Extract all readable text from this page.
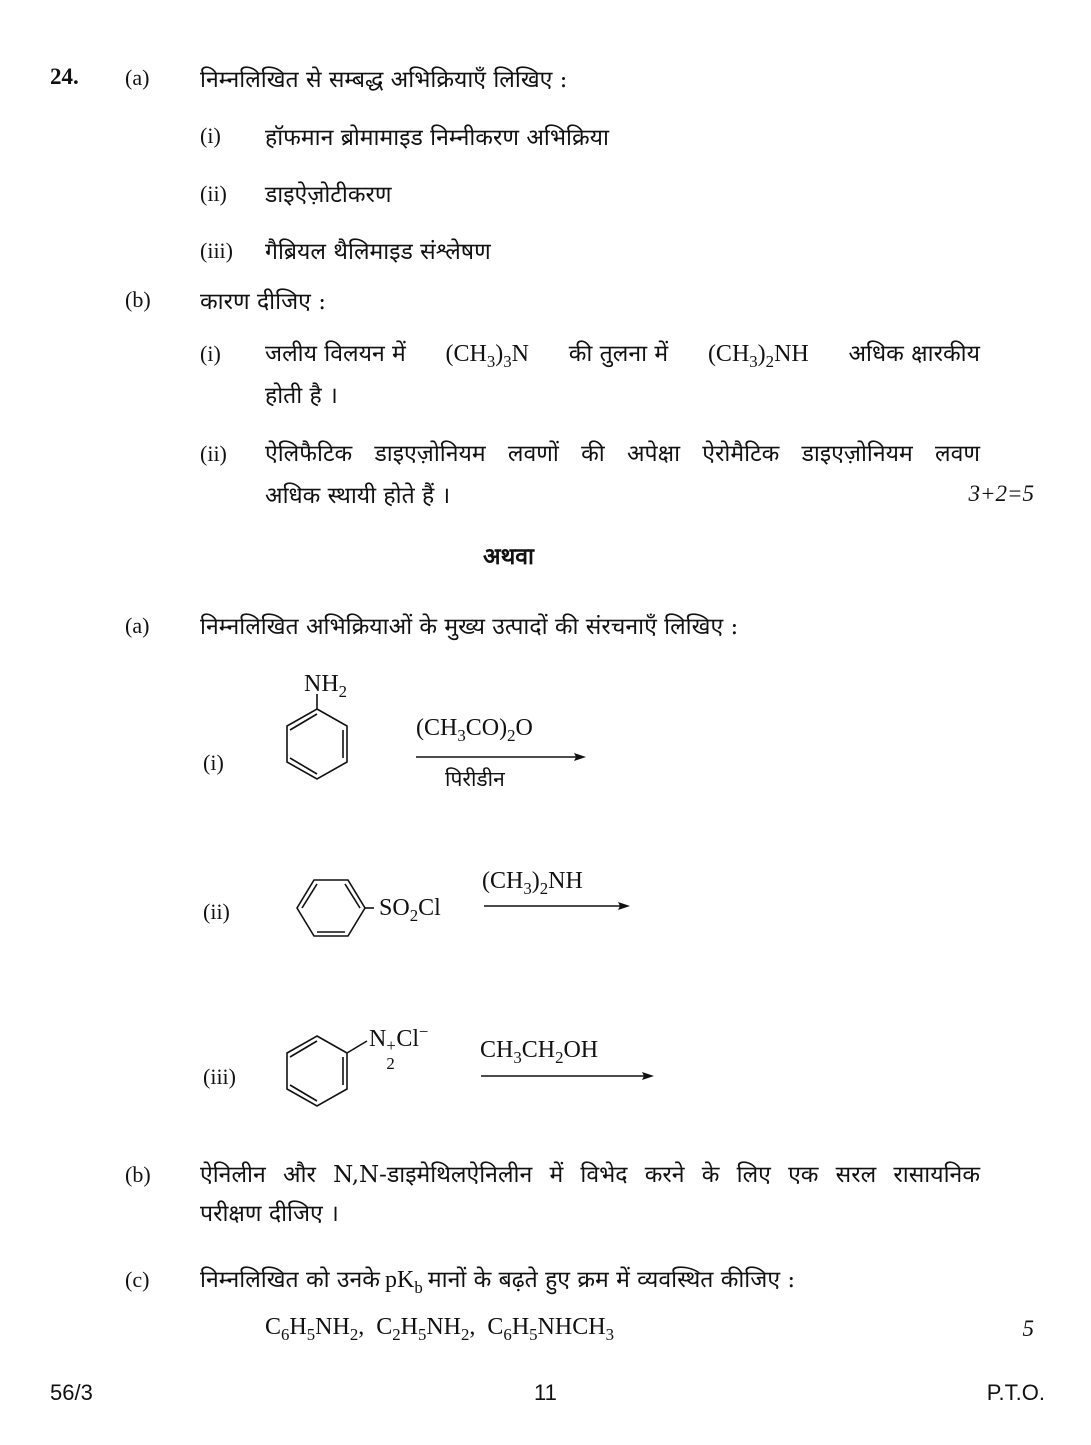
24. (a) निम्नलिखित से सम्बद्ध अभिक्रियाएँ लिखिए :
(i) हॉफमान ब्रोमामाइड निम्नीकरण अभिक्रिया
(ii) डाइऐज़ोटीकरण
(iii) गैब्रियल थैलिमाइड संश्लेषण
(b) कारण दीजिए :
(i) जलीय विलयन में $(CH_3)_3N$ की तुलना में $(CH_3)_2NH$ अधिक क्षारकीय
होती है ।
(ii) ऐलिफैटिक डाइएज़ोनियम लवणों की अपेक्षा ऐरोमैटिक डाइएज़ोनियम लवण
अधिक स्थायी होते हैं ।	3+2=5
अथवा
(a) निम्नलिखित अभिक्रियाओं के मुख्य उत्पादों की संरचनाएँ लिखिए :
(i)
$NH_2$
$(CH_3CO)_2O$
पिरीडीन
(ii)	$SO_2Cl$
$(CH_3)_2NH$
(iii)
N +
2
Cl−
$CH_3CH_2OH$
(b) ऐनिलीन और N,N-डाइमेथिलऐनिलीन में विभेद करने के लिए एक सरल रासायनिक
परीक्षण दीजिए ।
(c) निम्नलिखित को उनके $pK_b$ मानों के बढ़ते हुए क्रम में व्यवस्थित कीजिए :
$C_6H_5NH_2$,  $C_2H_5NH_2$,  $C_6H_5NHCH_3$	5
56/3	11	P.T.O.
